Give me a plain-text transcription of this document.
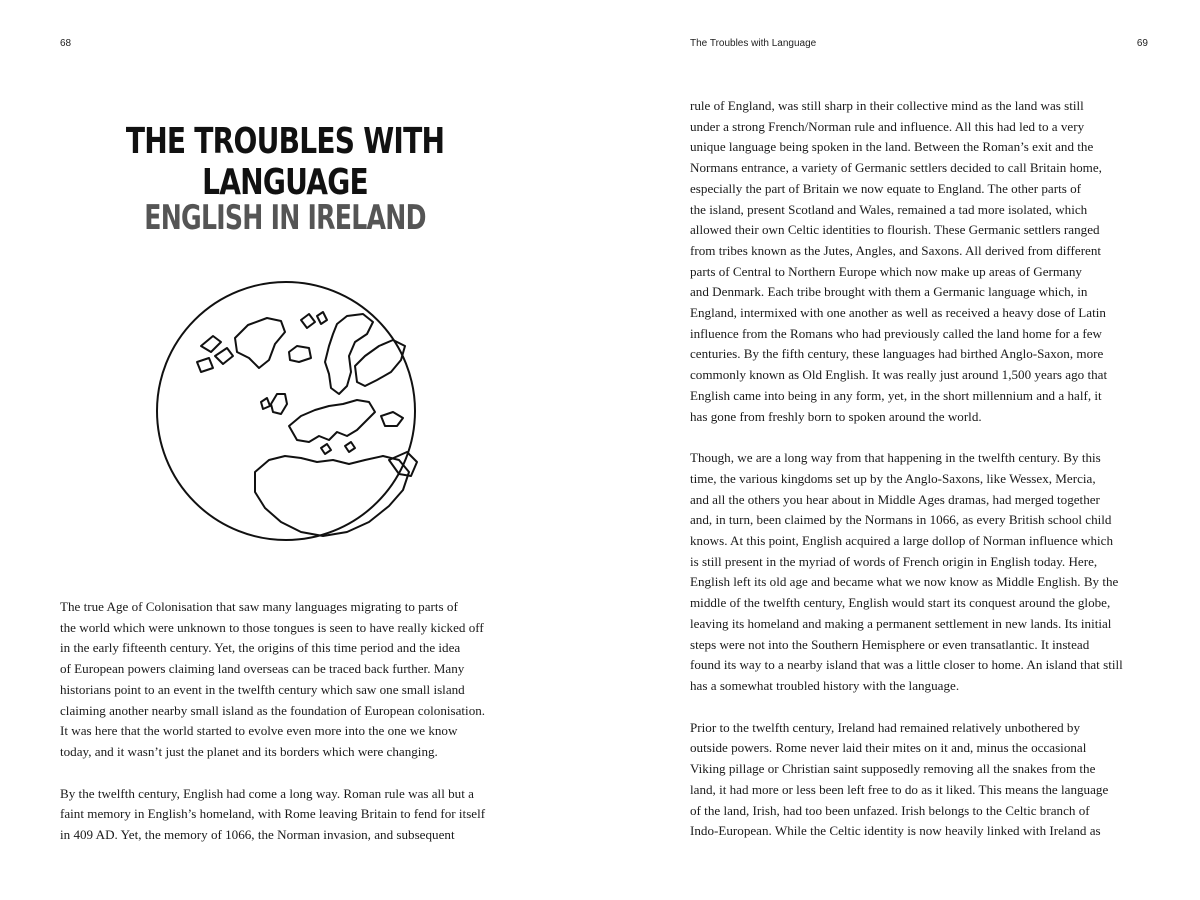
68
THE TROUBLES WITH LANGUAGE
ENGLISH IN IRELAND

The true Age of Colonisation that saw many languages migrating to parts of
the world which were unknown to those tongues is seen to have really kicked off
in the early fifteenth century. Yet, the origins of this time period and the idea
of European powers claiming land overseas can be traced back further. Many
historians point to an event in the twelfth century which saw one small island
claiming another nearby small island as the foundation of European colonisation.
It was here that the world started to evolve even more into the one we know
today, and it wasn’t just the planet and its borders which were changing.

By the twelfth century, English had come a long way. Roman rule was all but a
faint memory in English’s homeland, with Rome leaving Britain to fend for itself
in 409 AD. Yet, the memory of 1066, the Norman invasion, and subsequent

The Troubles with Language	69

rule of England, was still sharp in their collective mind as the land was still
under a strong French/Norman rule and influence. All this had led to a very
unique language being spoken in the land. Between the Roman’s exit and the
Normans entrance, a variety of Germanic settlers decided to call Britain home,
especially the part of Britain we now equate to England. The other parts of
the island, present Scotland and Wales, remained a tad more isolated, which
allowed their own Celtic identities to flourish. These Germanic settlers ranged
from tribes known as the Jutes, Angles, and Saxons. All derived from different
parts of Central to Northern Europe which now make up areas of Germany
and Denmark. Each tribe brought with them a Germanic language which, in
England, intermixed with one another as well as received a heavy dose of Latin
influence from the Romans who had previously called the land home for a few
centuries. By the fifth century, these languages had birthed Anglo-Saxon, more
commonly known as Old English. It was really just around 1,500 years ago that
English came into being in any form, yet, in the short millennium and a half, it
has gone from freshly born to spoken around the world.

Though, we are a long way from that happening in the twelfth century. By this
time, the various kingdoms set up by the Anglo-Saxons, like Wessex, Mercia,
and all the others you hear about in Middle Ages dramas, had merged together
and, in turn, been claimed by the Normans in 1066, as every British school child
knows. At this point, English acquired a large dollop of Norman influence which
is still present in the myriad of words of French origin in English today. Here,
English left its old age and became what we now know as Middle English. By the
middle of the twelfth century, English would start its conquest around the globe,
leaving its homeland and making a permanent settlement in new lands. Its initial
steps were not into the Southern Hemisphere or even transatlantic. It instead
found its way to a nearby island that was a little closer to home. An island that still
has a somewhat troubled history with the language.

Prior to the twelfth century, Ireland had remained relatively unbothered by
outside powers. Rome never laid their mites on it and, minus the occasional
Viking pillage or Christian saint supposedly removing all the snakes from the
land, it had more or less been left free to do as it liked. This means the language
of the land, Irish, had too been unfazed. Irish belongs to the Celtic branch of
Indo-European. While the Celtic identity is now heavily linked with Ireland as
